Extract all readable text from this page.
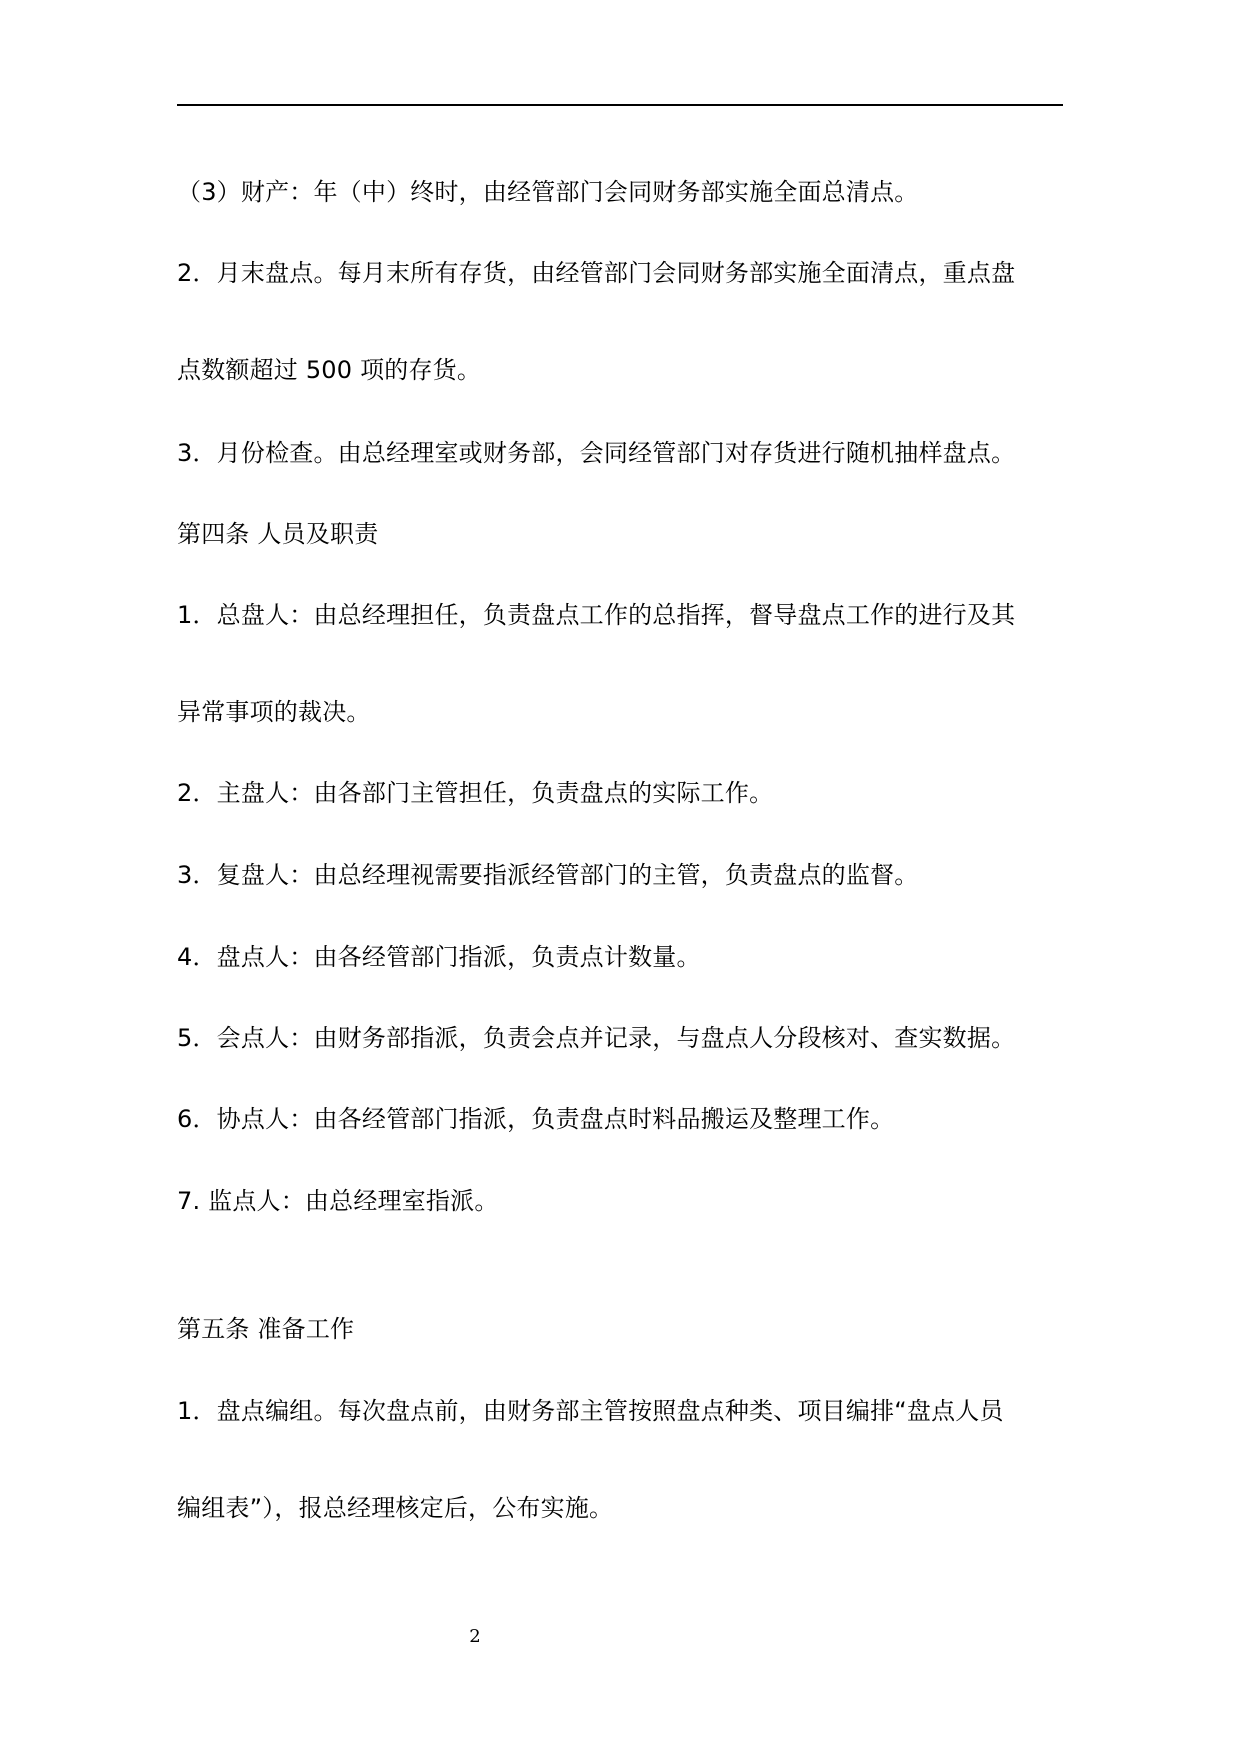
（3）财产：年（中）终时，由经管部门会同财务部实施全面总清点。
2．月末盘点。每月末所有存货，由经管部门会同财务部实施全面清点，重点盘
点数额超过 500 项的存货。
3．月份检查。由总经理室或财务部，会同经管部门对存货进行随机抽样盘点。
第四条 人员及职责
1．总盘人：由总经理担任，负责盘点工作的总指挥，督导盘点工作的进行及其
异常事项的裁决。
2．主盘人：由各部门主管担任，负责盘点的实际工作。
3．复盘人：由总经理视需要指派经管部门的主管，负责盘点的监督。
4．盘点人：由各经管部门指派，负责点计数量。
5．会点人：由财务部指派，负责会点并记录，与盘点人分段核对、查实数据。
6．协点人：由各经管部门指派，负责盘点时料品搬运及整理工作。
7. 监点人：由总经理室指派。
第五条 准备工作
1．盘点编组。每次盘点前，由财务部主管按照盘点种类、项目编排“盘点人员
编组表”），报总经理核定后，公布实施。
2
